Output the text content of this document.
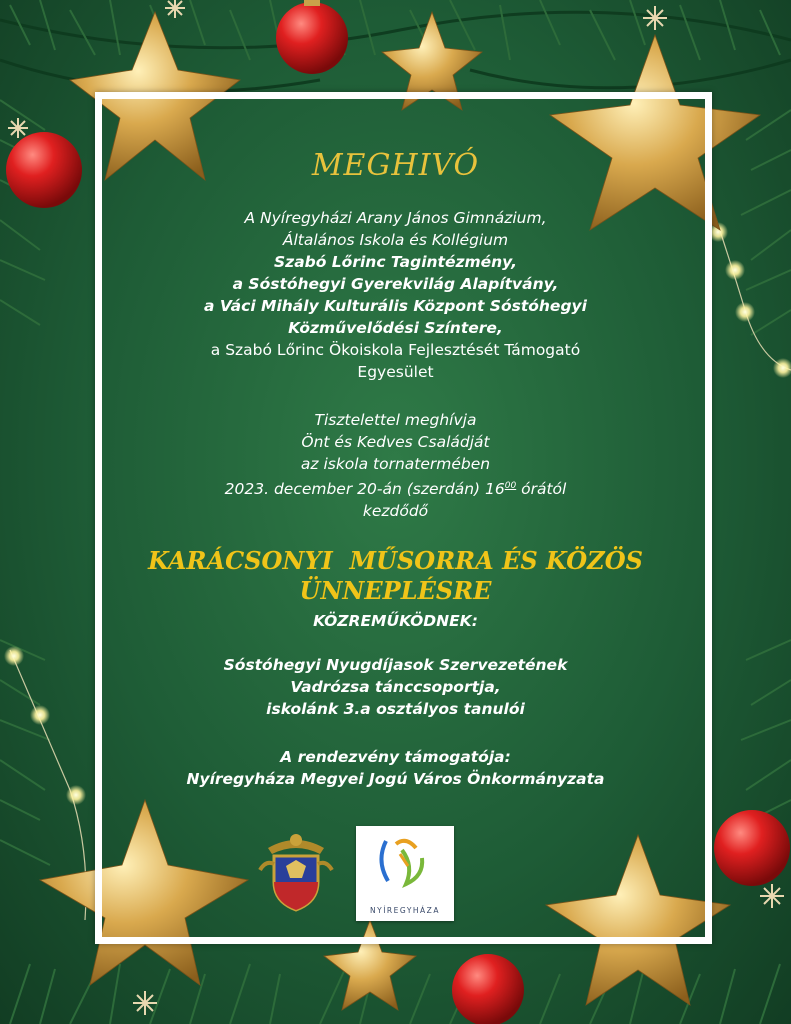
MEGHIVÓ

A Nyíregyházi Arany János Gimnázium,

Általános Iskola és Kollégium

Szabó Lőrinc Tagintézmény,

a Sóstóhegyi Gyerekvilág Alapítvány,

a Váci Mihály Kulturális Központ Sóstóhegyi

Közművelődési Színtere,

a Szabó Lőrinc Ökoiskola Fejlesztését Támogató

Egyesület

Tisztelettel meghívja

Önt és Kedves Családját

az iskola tornatermében

2023. december 20-án (szerdán) $16^{00}$ órától

kezdődő

KARÁCSONYI  MŰSORRA ÉS KÖZÖS
ÜNNEPLÉSRE

KÖZREMŰKÖDNEK:

Sóstóhegyi Nyugdíjasok Szervezetének

Vadrózsa tánccsoportja,

iskolánk 3.a osztályos tanulói

A rendezvény támogatója:

Nyíregyháza Megyei Jogú Város Önkormányzata

NYÍREGYHÁZA
